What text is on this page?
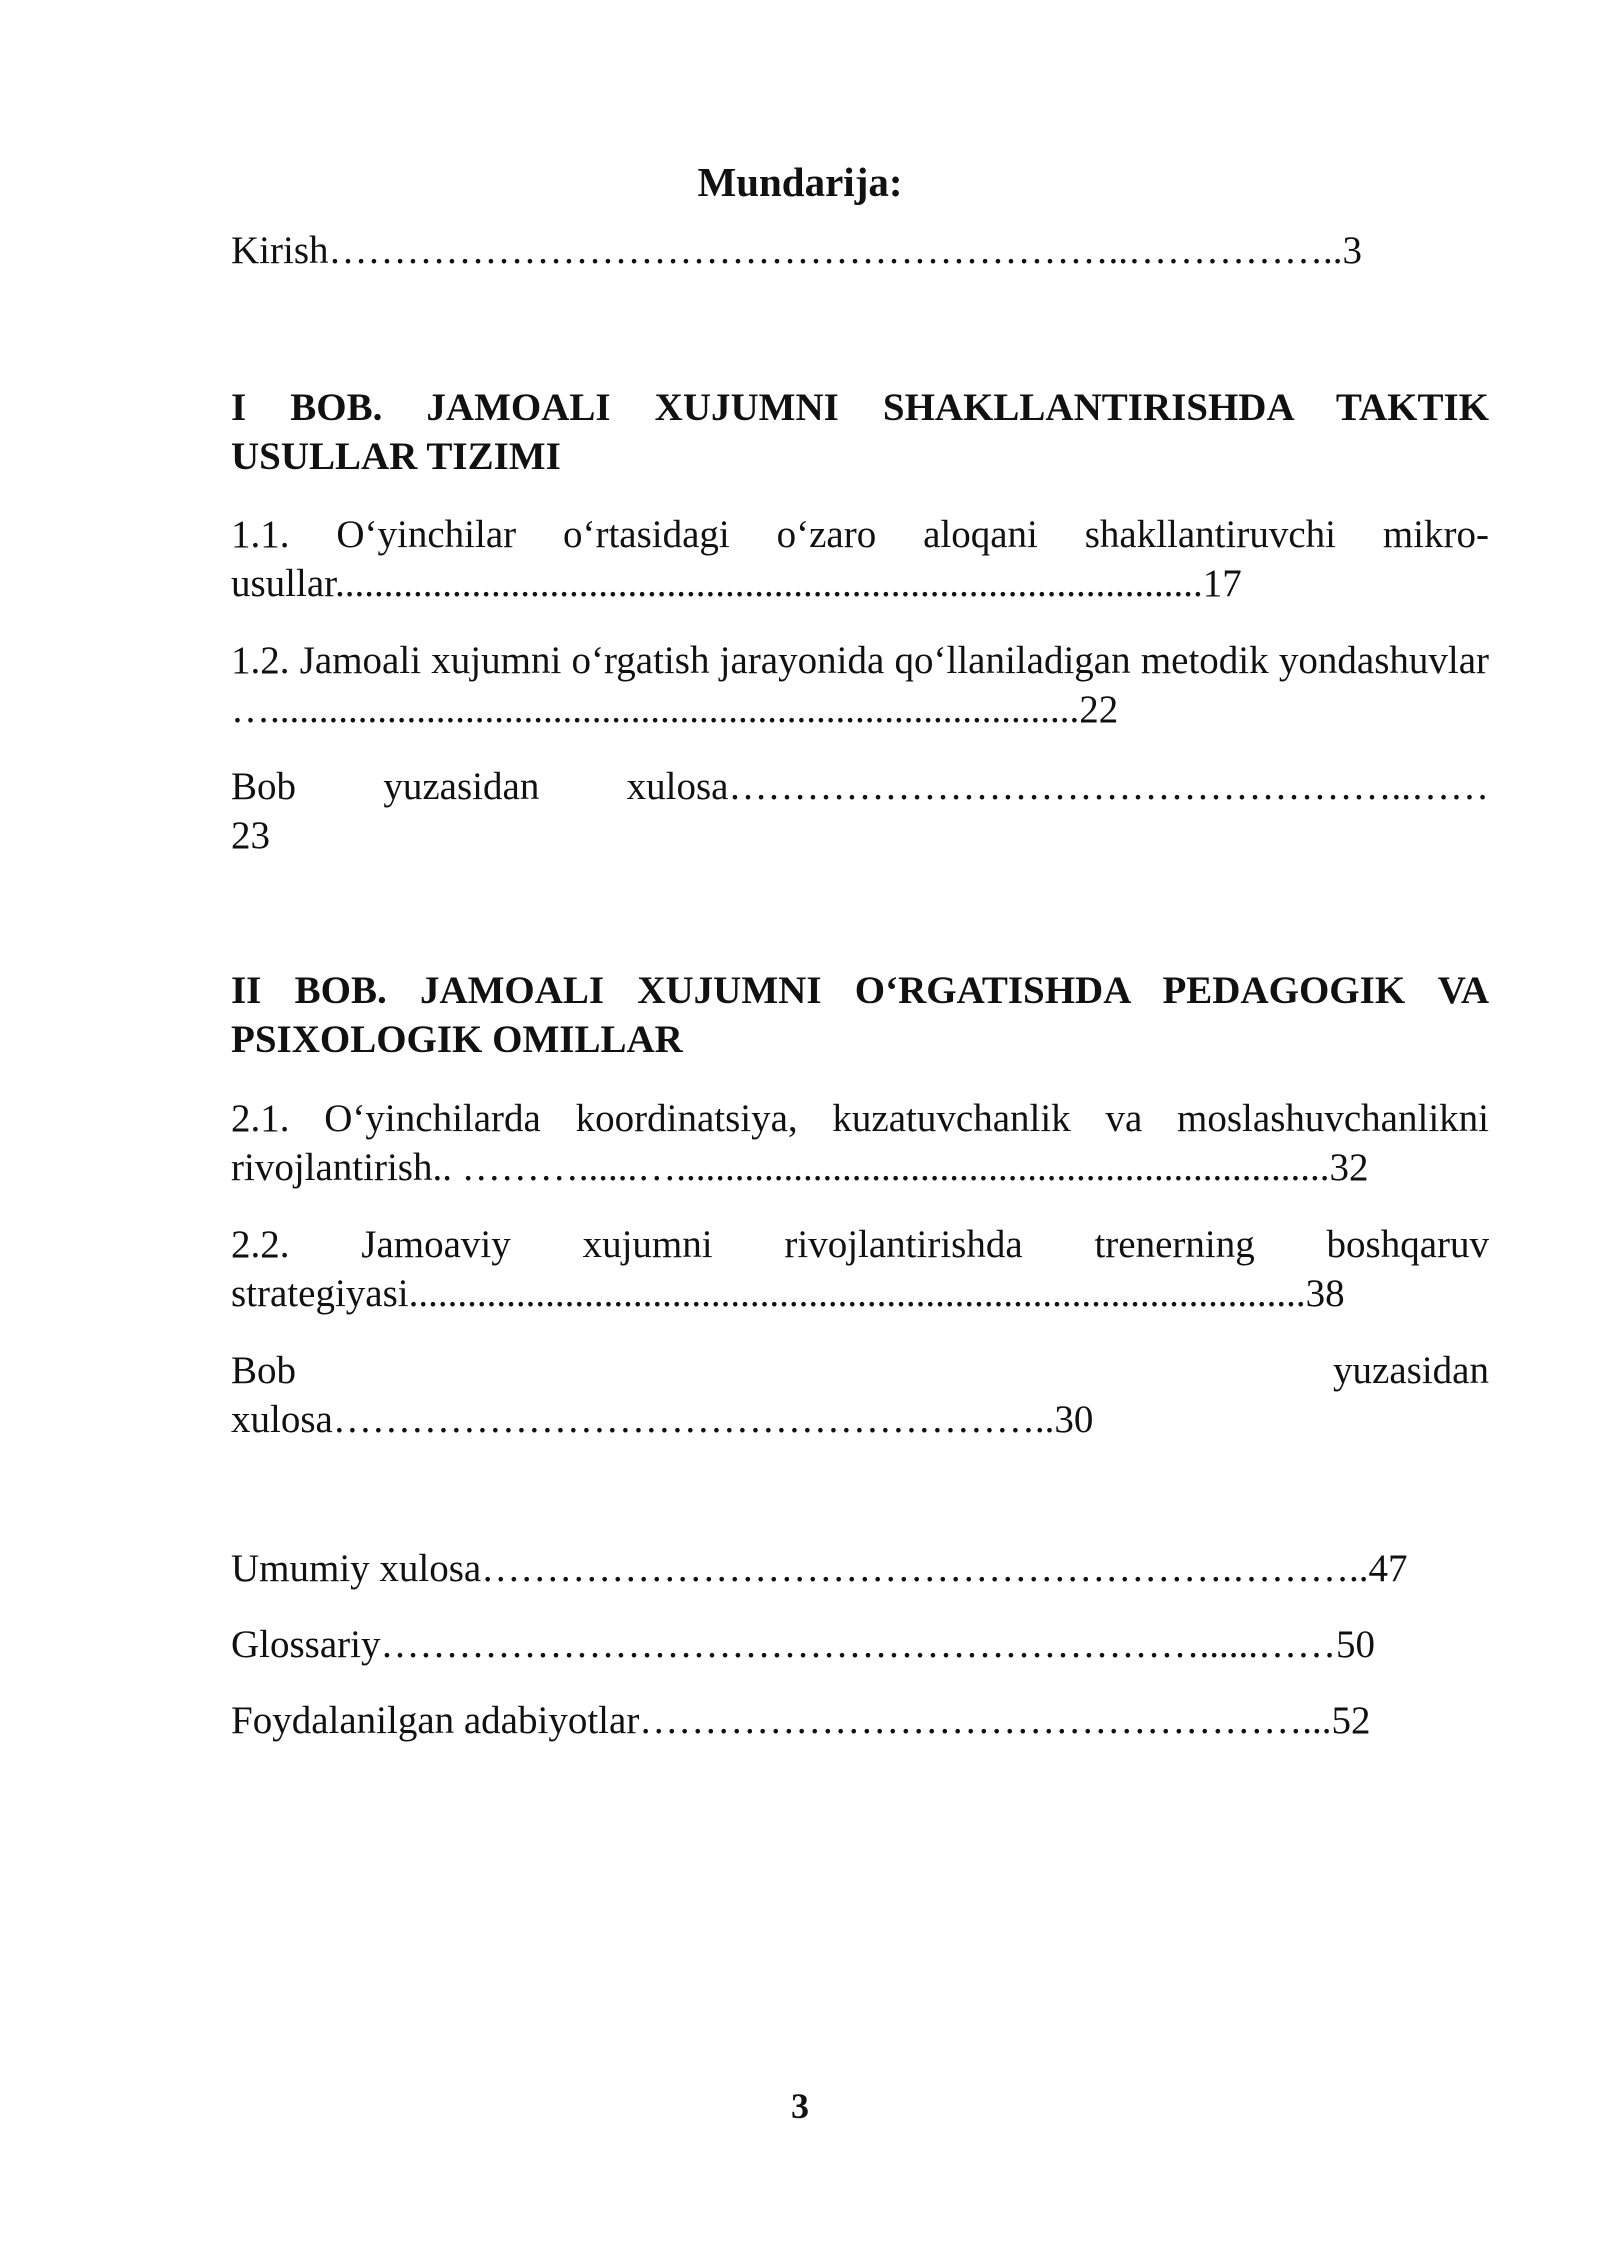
Mundarija:
Kirish……………………………………………………..……………..3
I BOB. JAMOALI XUJUMNI SHAKLLANTIRISHDA TAKTIK USULLAR TIZIMI
1.1. O‘yinchilar o‘rtasidagi o‘zaro aloqani shakllantiruvchi mikro-usullar.........................................................................................17
1.2. Jamoali xujumni o‘rgatish jarayonida qo‘llaniladigan metodik yondashuvlar …...................................................................................22
Bob yuzasidan xulosa……………………………………………..……
23
II BOB. JAMOALI XUJUMNI O‘RGATISHDA PEDAGOGIK VA PSIXOLOGIK OMILLAR
2.1. O‘yinchilarda koordinatsiya, kuzatuvchanlik va moslashuvchanlikni rivojlantirish.. ………......…...................................................................32
2.2. Jamoaviy xujumni rivojlantirishda trenerning boshqaruv strategiyasi............................................................................................38
Bob yuzasidan
xulosa………………………………………………..30
Umumiy xulosa………………………………………………….………..47
Glossariy………………………………………………………......……50
Foydalanilgan adabiyotlar……………………………………………...52
3
